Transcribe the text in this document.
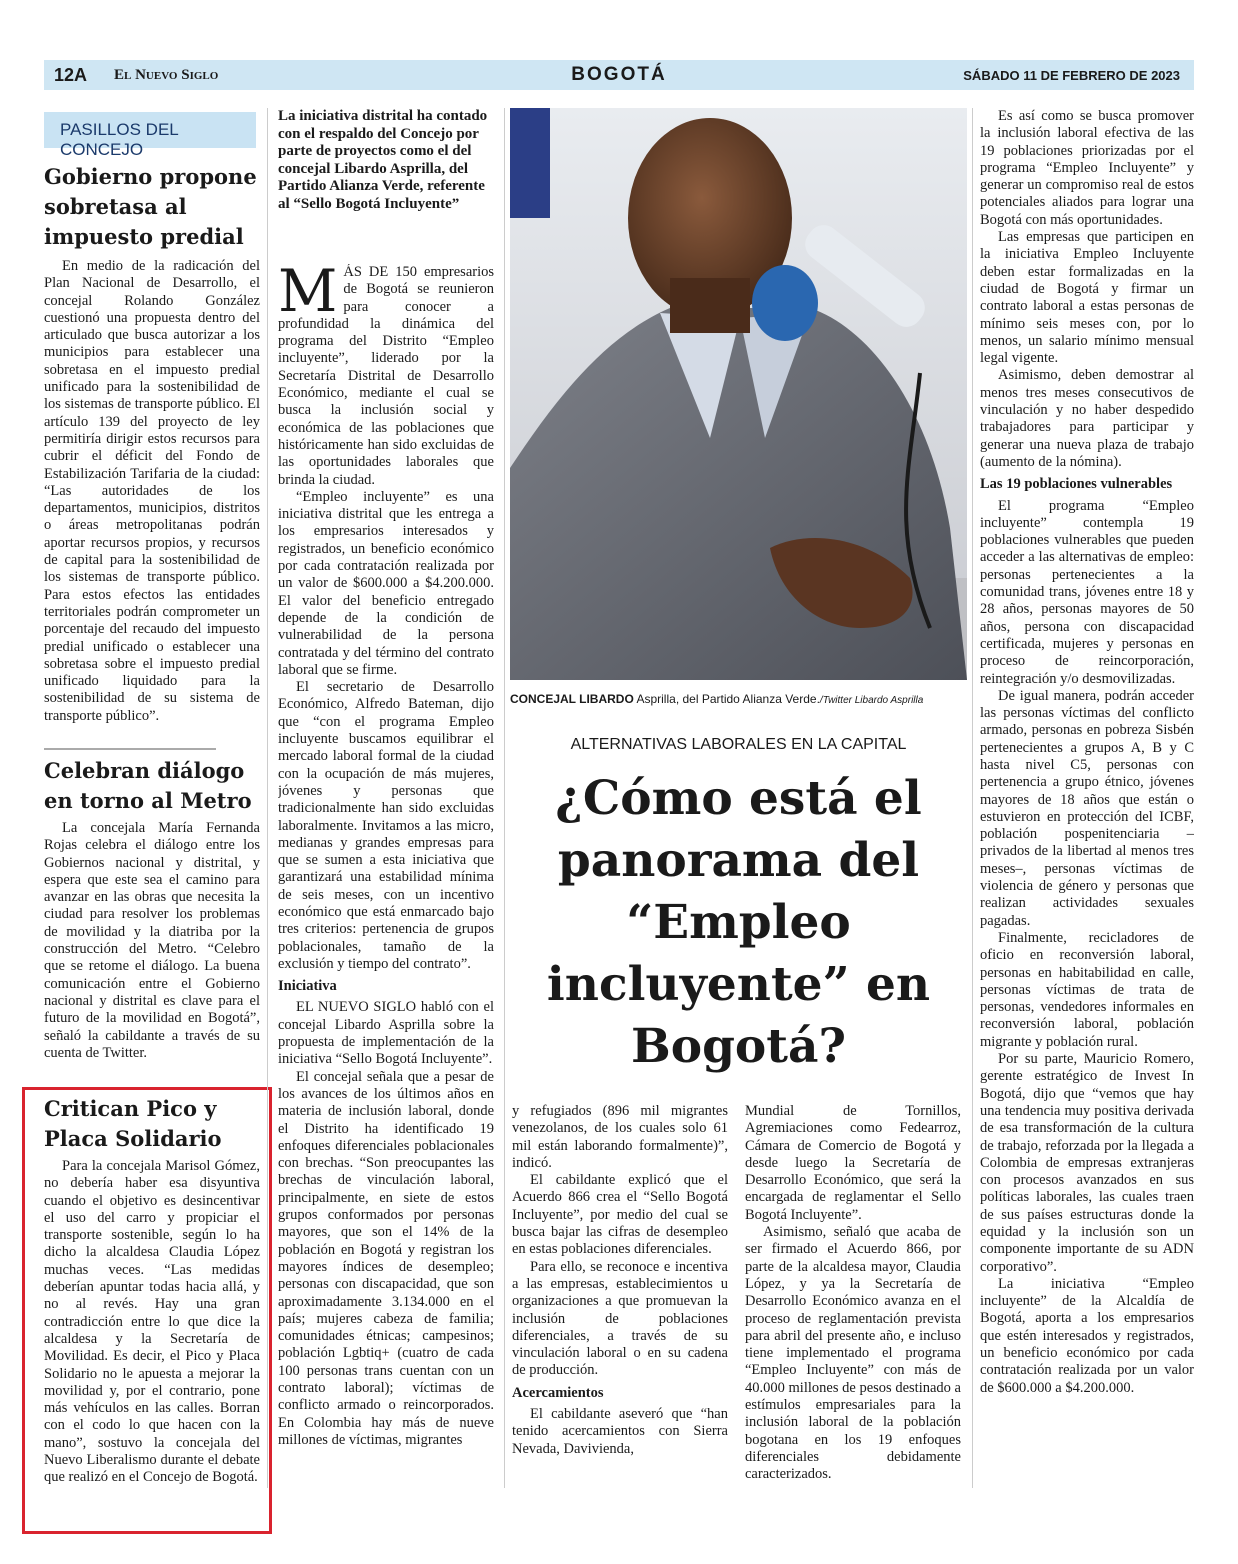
12A El Nuevo Siglo	BOGOTÁ	SÁBADO 11 DE FEBRERO DE 2023
PASILLOS DEL CONCEJO
Gobierno propone sobretasa al impuesto predial

En medio de la radicación del Plan Nacional de Desarrollo, el concejal Rolando González cuestionó una propuesta dentro del articulado que busca autorizar a los municipios para establecer una sobretasa en el impuesto predial unificado para la sostenibilidad de los sistemas de transporte público. El artículo 139 del proyecto de ley permitiría dirigir estos recursos para cubrir el déficit del Fondo de Estabilización Tarifaria de la ciudad: “Las autoridades de los departamentos, municipios, distritos o áreas metropolitanas podrán aportar recursos propios, y recursos de capital para la sostenibilidad de los sistemas de transporte público. Para estos efectos las entidades territoriales podrán comprometer un porcentaje del recaudo del impuesto predial unificado o establecer una sobretasa sobre el impuesto predial unificado liquidado para la sostenibilidad de su sistema de transporte público”.

Celebran diálogo en torno al Metro

La concejala María Fernanda Rojas celebra el diálogo entre los Gobiernos nacional y distrital, y espera que este sea el camino para avanzar en las obras que necesita la ciudad para resolver los problemas de movilidad y la diatriba por la construcción del Metro. “Celebro que se retome el diálogo. La buena comunicación entre el Gobierno nacional y distrital es clave para el futuro de la movilidad en Bogotá”, señaló la cabildante a través de su cuenta de Twitter.

Critican Pico y Placa Solidario

Para la concejala Marisol Gómez, no debería haber esa disyuntiva cuando el objetivo es desincentivar el uso del carro y propiciar el transporte sostenible, según lo ha dicho la alcaldesa Claudia López muchas veces. “Las medidas deberían apuntar todas hacia allá, y no al revés. Hay una gran contradicción entre lo que dice la alcaldesa y la Secretaría de Movilidad. Es decir, el Pico y Placa Solidario no le apuesta a mejorar la movilidad y, por el contrario, pone más vehículos en las calles. Borran con el codo lo que hacen con la mano”, sostuvo la concejala del Nuevo Liberalismo durante el debate que realizó en el Concejo de Bogotá.

La iniciativa distrital ha contado con el respaldo del Concejo por parte de proyectos como el del concejal Libardo Asprilla, del Partido Alianza Verde, referente al “Sello Bogotá Incluyente”

MÁS DE 150 empresarios de Bogotá se reunieron para conocer a profundidad la dinámica del programa del Distrito “Empleo incluyente”, liderado por la Secretaría Distrital de Desarrollo Económico, mediante el cual se busca la inclusión social y económica de las poblaciones que históricamente han sido excluidas de las oportunidades laborales que brinda la ciudad.

“Empleo incluyente” es una iniciativa distrital que les entrega a los empresarios interesados y registrados, un beneficio económico por cada contratación realizada por un valor de $600.000 a $4.200.000. El valor del beneficio entregado depende de la condición de vulnerabilidad de la persona contratada y del término del contrato laboral que se firme.

El secretario de Desarrollo Económico, Alfredo Bateman, dijo que “con el programa Empleo incluyente buscamos equilibrar el mercado laboral formal de la ciudad con la ocupación de más mujeres, jóvenes y personas que tradicionalmente han sido excluidas laboralmente. Invitamos a las micro, medianas y grandes empresas para que se sumen a esta iniciativa que garantizará una estabilidad mínima de seis meses, con un incentivo económico que está enmarcado bajo tres criterios: pertenencia de grupos poblacionales, tamaño de la exclusión y tiempo del contrato”.

Iniciativa

EL NUEVO SIGLO habló con el concejal Libardo Asprilla sobre la propuesta de implementación de la iniciativa “Sello Bogotá Incluyente”.

El concejal señala que a pesar de los avances de los últimos años en materia de inclusión laboral, donde el Distrito ha identificado 19 enfoques diferenciales poblacionales con brechas. “Son preocupantes las brechas de vinculación laboral, principalmente, en siete de estos grupos conformados por personas mayores, que son el 14% de la población en Bogotá y registran los mayores índices de desempleo; personas con discapacidad, que son aproximadamente 3.134.000 en el país; mujeres cabeza de familia; comunidades étnicas; campesinos; población Lgbtiq+ (cuatro de cada 100 personas trans cuentan con un contrato laboral); víctimas de conflicto armado o reincorporados. En Colombia hay más de nueve millones de víctimas, migrantes

CONCEJAL LIBARDO Asprilla, del Partido Alianza Verde./Twitter Libardo Asprilla
ALTERNATIVAS LABORALES EN LA CAPITAL
¿Cómo está el panorama del “Empleo incluyente” en Bogotá?

y refugiados (896 mil migrantes venezolanos, de los cuales solo 61 mil están laborando formalmente)”, indicó.

El cabildante explicó que el Acuerdo 866 crea el “Sello Bogotá Incluyente”, por medio del cual se busca bajar las cifras de desempleo en estas poblaciones diferenciales.

Para ello, se reconoce e incentiva a las empresas, establecimientos u organizaciones a que promuevan la inclusión de poblaciones diferenciales, a través de su vinculación laboral o en su cadena de producción.

Acercamientos

El cabildante aseveró que “han tenido acercamientos con Sierra Nevada, Davivienda,

Mundial de Tornillos, Agremiaciones como Fedearroz, Cámara de Comercio de Bogotá y desde luego la Secretaría de Desarrollo Económico, que será la encargada de reglamentar el Sello Bogotá Incluyente”.

Asimismo, señaló que acaba de ser firmado el Acuerdo 866, por parte de la alcaldesa mayor, Claudia López, y ya la Secretaría de Desarrollo Económico avanza en el proceso de reglamentación prevista para abril del presente año, e incluso tiene implementado el programa “Empleo Incluyente” con más de 40.000 millones de pesos destinado a estímulos empresariales para la inclusión laboral de la población bogotana en los 19 enfoques diferenciales debidamente caracterizados.

Es así como se busca promover la inclusión laboral efectiva de las 19 poblaciones priorizadas por el programa “Empleo Incluyente” y generar un compromiso real de estos potenciales aliados para lograr una Bogotá con más oportunidades.

Las empresas que participen en la iniciativa Empleo Incluyente deben estar formalizadas en la ciudad de Bogotá y firmar un contrato laboral a estas personas de mínimo seis meses con, por lo menos, un salario mínimo mensual legal vigente.

Asimismo, deben demostrar al menos tres meses consecutivos de vinculación y no haber despedido trabajadores para participar y generar una nueva plaza de trabajo (aumento de la nómina).

Las 19 poblaciones vulnerables

El programa “Empleo incluyente” contempla 19 poblaciones vulnerables que pueden acceder a las alternativas de empleo: personas pertenecientes a la comunidad trans, jóvenes entre 18 y 28 años, personas mayores de 50 años, persona con discapacidad certificada, mujeres y personas en proceso de reincorporación, reintegración y/o desmovilizadas.

De igual manera, podrán acceder las personas víctimas del conflicto armado, personas en pobreza Sisbén pertenecientes a grupos A, B y C hasta nivel C5, personas con pertenencia a grupo étnico, jóvenes mayores de 18 años que están o estuvieron en protección del ICBF, población pospenitenciaria –privados de la libertad al menos tres meses–, personas víctimas de violencia de género y personas que realizan actividades sexuales pagadas.

Finalmente, recicladores de oficio en reconversión laboral, personas en habitabilidad en calle, personas víctimas de trata de personas, vendedores informales en reconversión laboral, población migrante y población rural.

Por su parte, Mauricio Romero, gerente estratégico de Invest In Bogotá, dijo que “vemos que hay una tendencia muy positiva derivada de esa transformación de la cultura de trabajo, reforzada por la llegada a Colombia de empresas extranjeras con procesos avanzados en sus políticas laborales, las cuales traen de sus países estructuras donde la equidad y la inclusión son un componente importante de su ADN corporativo”.

La iniciativa “Empleo incluyente” de la Alcaldía de Bogotá, aporta a los empresarios que estén interesados y registrados, un beneficio económico por cada contratación realizada por un valor de $600.000 a $4.200.000.
